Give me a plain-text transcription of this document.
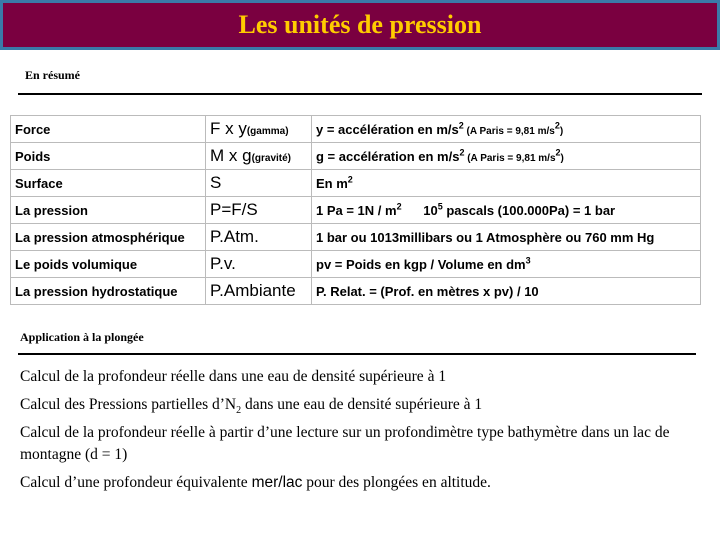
Les unités de pression
En résumé
Force	F x y(gamma)	y = accélération en $m/s^2$ (A Paris = 9,81 $m/s^2$)
Poids	M x g(gravité)	g = accélération en $m/s^2$ (A Paris = 9,81 $m/s^2$)
Surface	S	En $m^2$
La pression	P=F/S	1 $Pa = 1N / m^2$      $10^5$ pascals (100.000Pa) = 1 bar
La pression atmosphérique	P.Atm.	1 bar ou 1013millibars ou 1 Atmosphère ou 760 mm Hg
Le poids volumique	P.v.	pv = Poids en kgp / Volume en $dm^3$
La pression hydrostatique	P.Ambiante	P. Relat. = (Prof. en mètres x pv) / 10
Application à la plongée

Calcul de la profondeur réelle dans une eau de densité supérieure à 1

Calcul des Pressions partielles $d’N_2$ dans une eau de densité supérieure à 1

Calcul de la profondeur réelle à partir d’une lecture sur un profondimètre type bathymètre dans un lac de montagne (d = 1)

Calcul d’une profondeur équivalente mer/lac pour des plongées en altitude.
